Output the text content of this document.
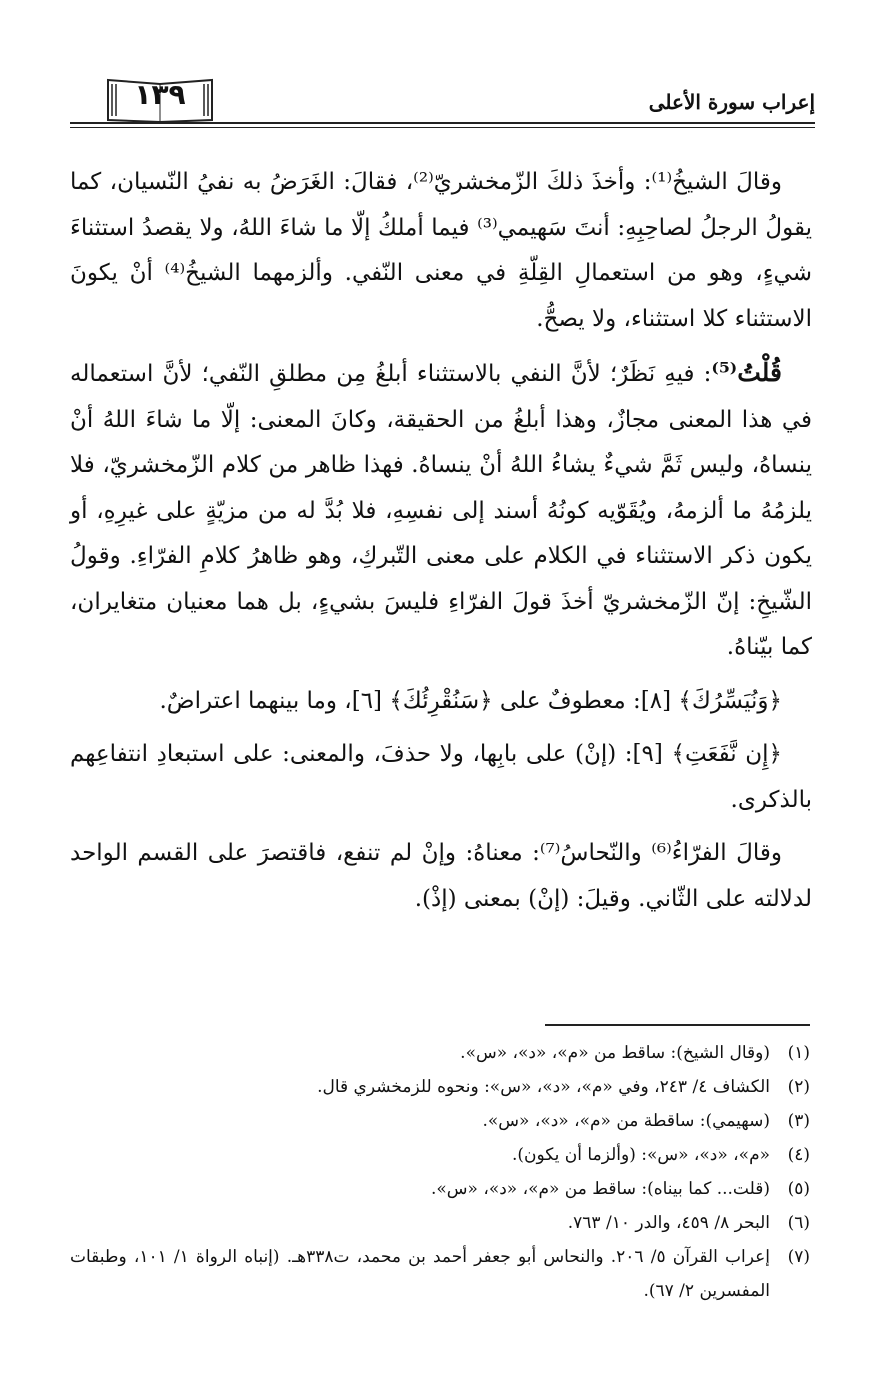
١٣٩	إعراب سورة الأعلى

وقالَ الشيخُ⁽¹⁾: وأخذَ ذلكَ الزّمخشريّ⁽²⁾، فقالَ: الغَرَضُ به نفيُ النّسيان، كما يقولُ الرجلُ لصاحِبِهِ: أنتَ سَهيمي⁽³⁾ فيما أملكُ إلّا ما شاءَ اللهُ، ولا يقصدُ استثناءَ شيءٍ، وهو من استعمالِ القِلّةِ في معنى النّفي. وألزمهما الشيخُ⁽⁴⁾ أنْ يكونَ الاستثناء كلا استثناء، ولا يصحُّ.

قُلْتُ⁽⁵⁾: فيهِ نَظَرٌ؛ لأنَّ النفي بالاستثناء أبلغُ مِن مطلقِ النّفي؛ لأنَّ استعماله في هذا المعنى مجازٌ، وهذا أبلغُ من الحقيقة، وكانَ المعنى: إلّا ما شاءَ اللهُ أنْ ينساهُ، وليس ثَمَّ شيءٌ يشاءُ اللهُ أنْ ينساهُ. فهذا ظاهر من كلام الزّمخشريّ، فلا يلزمُهُ ما ألزمهُ، ويُقَوّيه كونُهُ أسند إلى نفسِهِ، فلا بُدَّ له من مزيّةٍ على غيرِهِ، أو يكون ذكر الاستثناء في الكلام على معنى التّبركِ، وهو ظاهرُ كلامِ الفرّاءِ. وقولُ الشّيخِ: إنّ الزّمخشريّ أخذَ قولَ الفرّاءِ فليسَ بشيءٍ، بل هما معنيان متغايران، كما بيّناهُ.

﴿وَنُيَسِّرُكَ﴾ [٨]: معطوفٌ على ﴿سَنُقْرِئُكَ﴾ [٦]، وما بينهما اعتراضٌ.

﴿إِن نَّفَعَتِ﴾ [٩]: (إنْ) على بابِها، ولا حذفَ، والمعنى: على استبعادِ انتفاعِهم بالذكرى.

وقالَ الفرّاءُ⁽⁶⁾ والنّحاسُ⁽⁷⁾: معناهُ: وإنْ لم تنفع، فاقتصرَ على القسم الواحد لدلالته على الثّاني. وقيلَ: (إنْ) بمعنى (إذْ).

(١)
(وقال الشيخ): ساقط من «م»، «د»، «س».
(٢)
الكشاف ٤/ ٢٤٣، وفي «م»، «د»، «س»: ونحوه للزمخشري قال.
(٣)
(سهيمي): ساقطة من «م»، «د»، «س».
(٤)
«م»، «د»، «س»: (وألزما أن يكون).
(٥)
(قلت... كما بيناه): ساقط من «م»، «د»، «س».
(٦)
البحر ٨/ ٤٥٩، والدر ١٠/ ٧٦٣.
(٧)
إعراب القرآن ٥/ ٢٠٦. والنحاس أبو جعفر أحمد بن محمد، ت٣٣٨هـ. (إنباه الرواة ١/ ١٠١، وطبقات المفسرين ٢/ ٦٧).
